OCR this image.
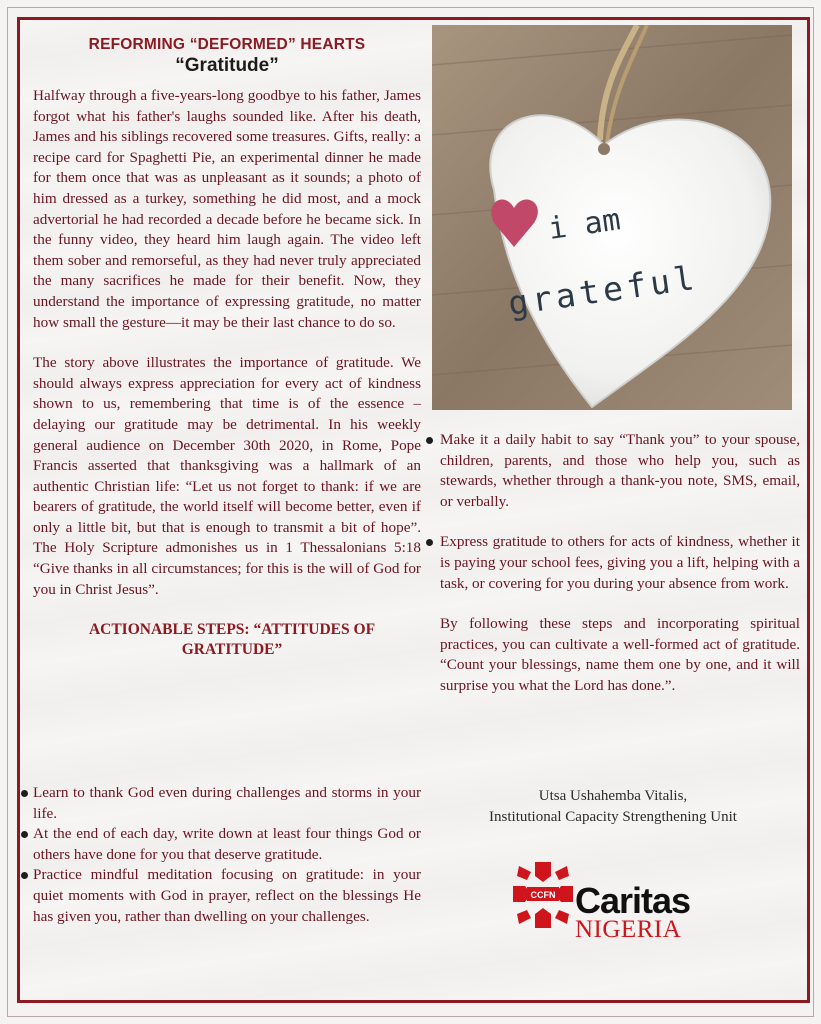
REFORMING “DEFORMED” HEARTS
“Gratitude”

Halfway through a five-years-long goodbye to his father, James forgot what his father's laughs sounded like. After his death, James and his siblings recovered some treasures. Gifts, really: a recipe card for Spaghetti Pie, an experimental dinner he made for them once that was as unpleasant as it sounds; a photo of him dressed as a turkey, something he did most, and a mock advertorial he had recorded a decade before he became sick. In the funny video, they heard him laugh again. The video left them sober and remorseful, as they had never truly appreciated the many sacrifices he made for their benefit. Now, they understand the importance of expressing gratitude, no matter how small the gesture—it may be their last chance to do so.

The story above illustrates the importance of gratitude. We should always express appreciation for every act of kindness shown to us, remembering that time is of the essence – delaying our gratitude may be detrimental. In his weekly general audience on December 30th 2020, in Rome, Pope Francis asserted that thanksgiving was a hallmark of an authentic Christian life: “Let us not forget to thank: if we are bearers of gratitude, the world itself will become better, even if only a little bit, but that is enough to transmit a bit of hope”. The Holy Scripture admonishes us in 1 Thessalonians 5:18 “Give thanks in all circumstances; for this is the will of God for you in Christ Jesus”.

ACTIONABLE STEPS: “ATTITUDES OF GRATITUDE”
Learn to thank God even during challenges and storms in your life.
At the end of each day, write down at least four things God or others have done for you that deserve gratitude.
Practice mindful meditation focusing on gratitude: in your quiet moments with God in prayer, reflect on the blessings He has given you, rather than dwelling on your challenges.
i am
grateful
Make it a daily habit to say “Thank you” to your spouse, children, parents, and those who help you, such as stewards, whether through a thank-you note, SMS, email, or verbally.
Express gratitude to others for acts of kindness, whether it is paying your school fees, giving you a lift, helping with a task, or covering for you during your absence from work.

By following these steps and incorporating spiritual practices, you can cultivate a well-formed act of gratitude. “Count your blessings, name them one by one, and it will surprise you what the Lord has done.”.

Utsa Ushahemba Vitalis,
Institutional Capacity Strengthening Unit
CCFN Caritas
NIGERIA
